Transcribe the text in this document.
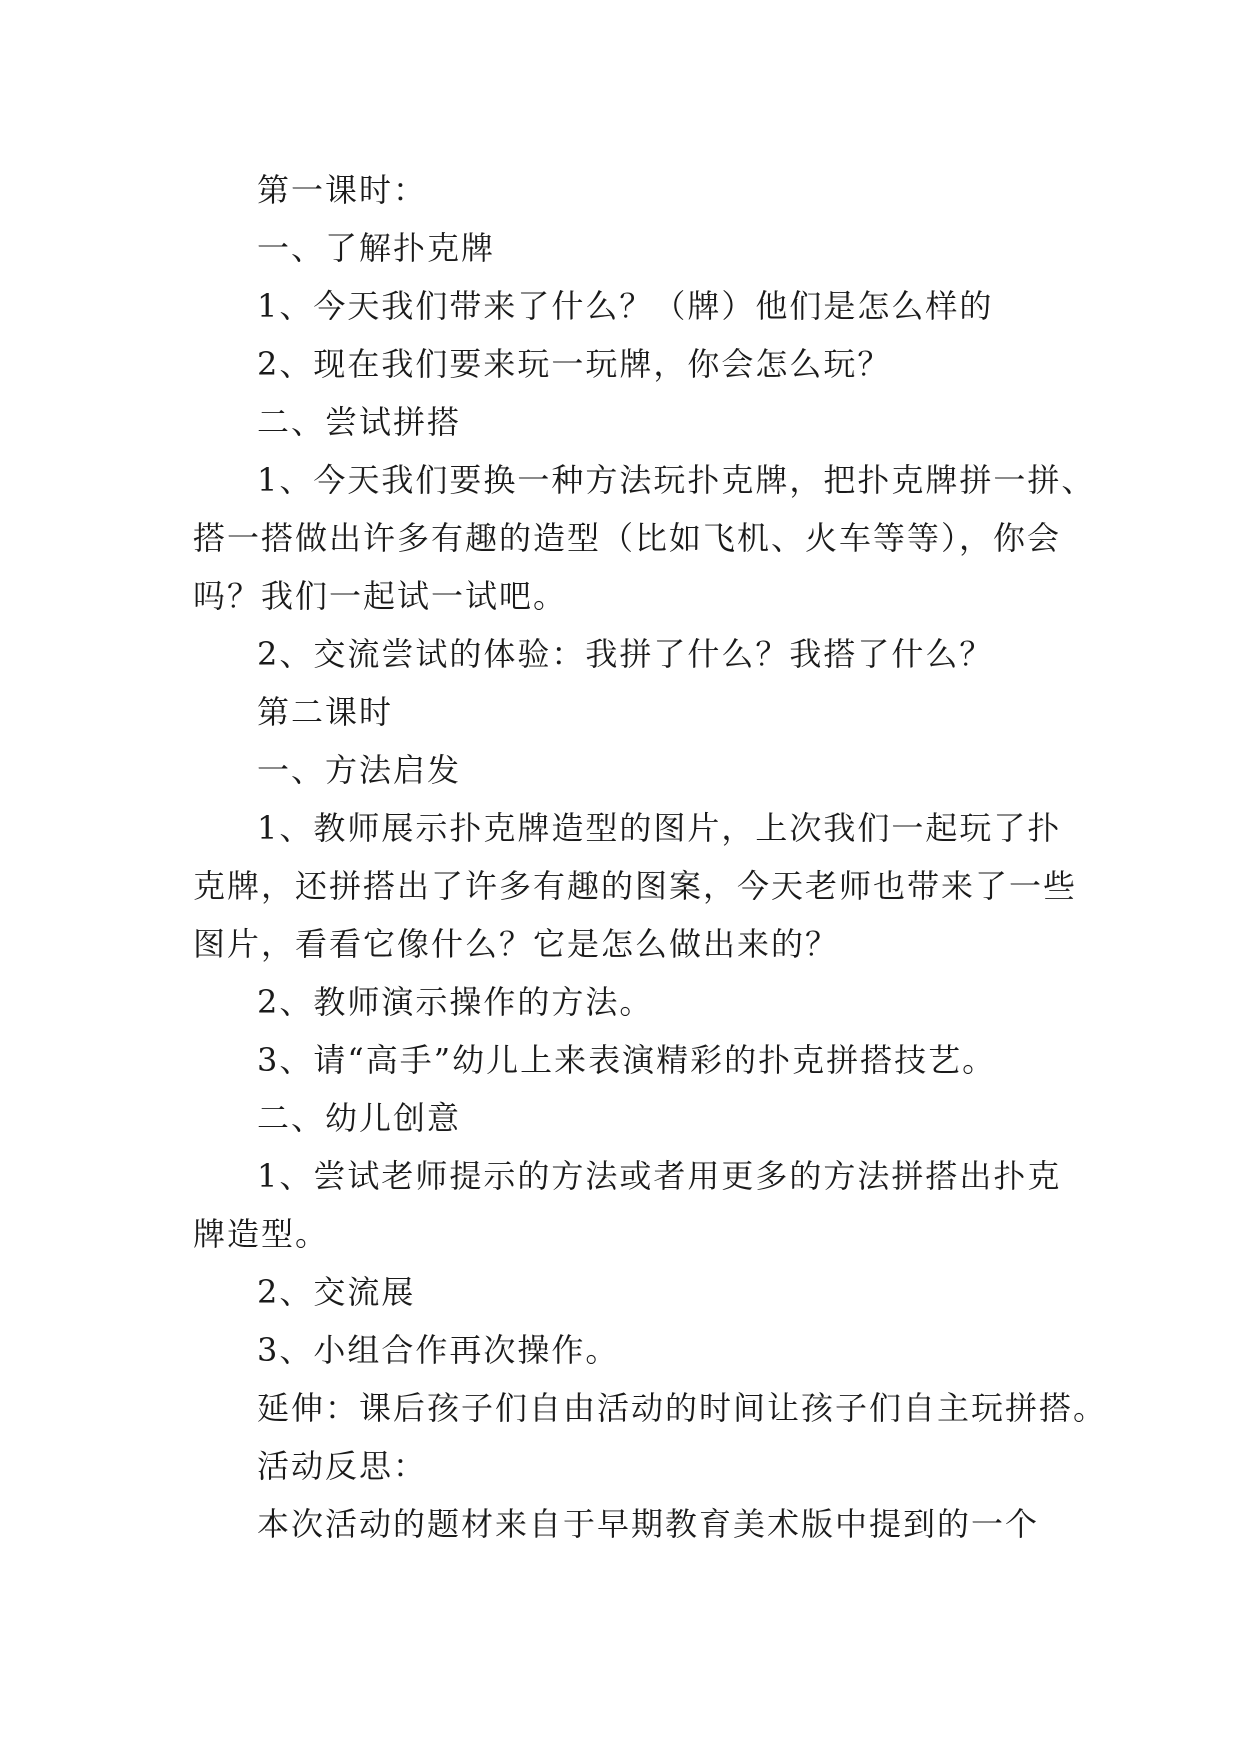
第一课时：
一、了解扑克牌
1、今天我们带来了什么？（牌）他们是怎么样的
2、现在我们要来玩一玩牌，你会怎么玩？
二、尝试拼搭
1、今天我们要换一种方法玩扑克牌，把扑克牌拼一拼、
搭一搭做出许多有趣的造型（比如飞机、火车等等），你会
吗？我们一起试一试吧。
2、交流尝试的体验：我拼了什么？我搭了什么？
第二课时
一、方法启发
1、教师展示扑克牌造型的图片，上次我们一起玩了扑
克牌，还拼搭出了许多有趣的图案，今天老师也带来了一些
图片，看看它像什么？它是怎么做出来的？
2、教师演示操作的方法。
3、请“高手”幼儿上来表演精彩的扑克拼搭技艺。
二、幼儿创意
1、尝试老师提示的方法或者用更多的方法拼搭出扑克
牌造型。
2、交流展
3、小组合作再次操作。
延伸：课后孩子们自由活动的时间让孩子们自主玩拼搭。
活动反思：
本次活动的题材来自于早期教育美术版中提到的一个
